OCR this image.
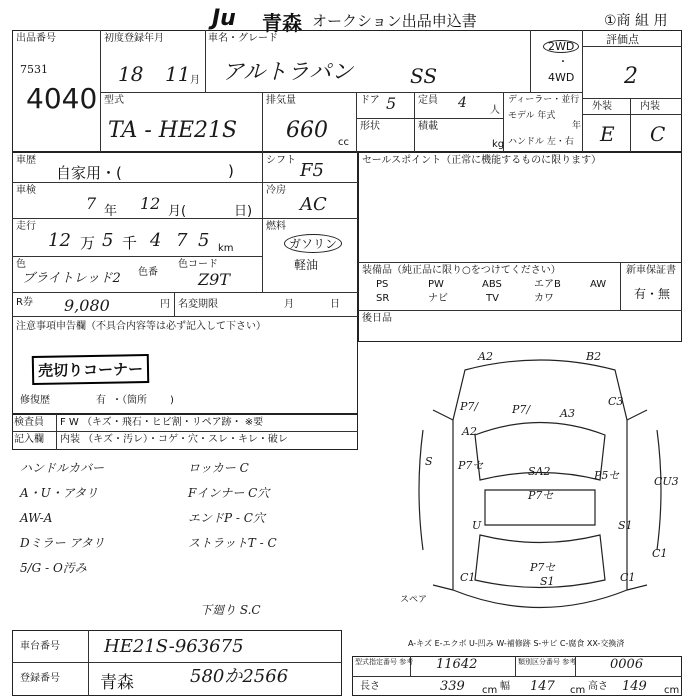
Ju 青森 オークション出品申込書	①商 組 用
出品番号
7531
4040
初度登録年月
18 11 月
車名・グレード
アルトラパン	SS
2WD
・
4WD
評価点
2
型式
TA - HE21S
排気量
660 cc
ドア 5 定員 4 人
形状	積載
kg
ディーラー・並行
モデル 年式
年
ハンドル 左・右
外装	内装
E C
車歴
自家用・(	)
シフト F5
車検
7 年 12 月(	日)
冷房
AC
走行
12 万 5 千 4 7 5 km
燃料
ガソリン
軽油
色
ブライトレッド2 色番
色コード
Z9T
R券 9,080	円 名変期限	月	日
注意事項申告欄（不具合内容等は必ず記入して下さい）
売切りコーナー
修復歴	有 ・（箇所 )
検査員 F W （キズ・飛石・ヒビ割・リペア跡・ ※要
記入欄 内装 （キズ・汚レ）・コゲ・穴・スレ・キレ・破レ
ハンドルカバー
A・U・アタリ
AW-A
Dミラー アタリ
5/G - O汚み
ロッカー C
Fインナー C穴
エンドP - C穴
ストラットT - C
下廻り S.C
セールスポイント（正常に機能するものに限ります）
装備品（純正品に限り○をつけてください）
PS	PW	ABS	エアB	AW
SR	ナビ	TV	カワ
新車保証書
有・無
後日品
A2	B2
P7/	P7/	A3
C3
A2
S P7セ	SA2	P5セ
P7セ
U	S1
CU3
C1
P7セ
S1
C1	C1
スペア
A-キズ E-エクボ U-凹み W-補修跡 S-サビ C-腐食 XX-交換済
車台番号 HE21S-963675
登録番号 青森	580か2566
型式指定番号 参考 11642	類別区分番号 参考	0006
長さ	339 cm 幅 147 cm 高さ 149 cm
